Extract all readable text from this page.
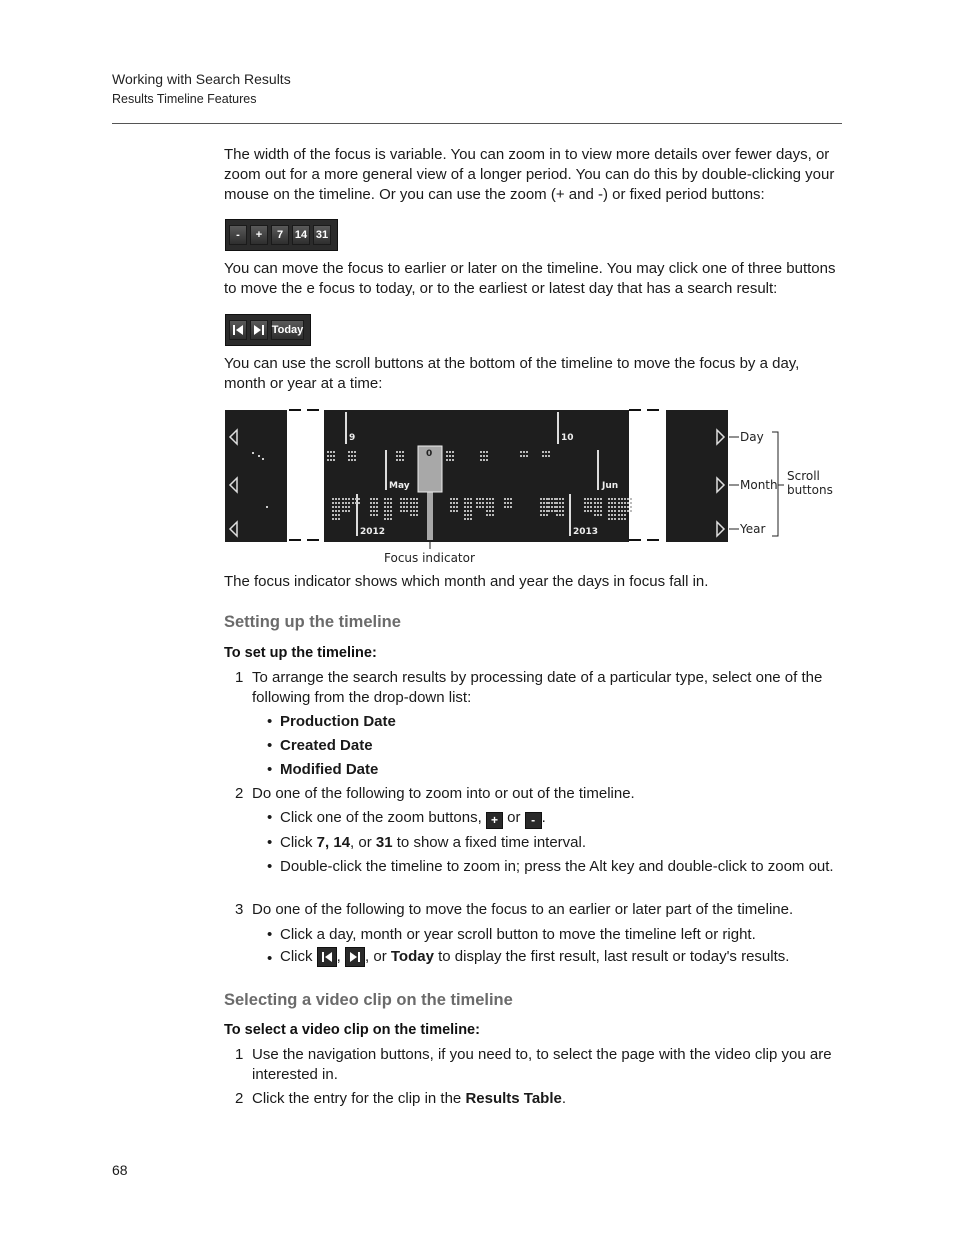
Working with Search Results
Results Timeline Features
The width of the focus is variable. You can zoom in to view more details over fewer days, or zoom out for a more general view of a longer period. You can do this by double-clicking your mouse on the timeline. Or you can use the zoom (+ and -) or fixed period buttons:
-	+	7	14 31
You can move the focus to earlier or later on the timeline. You may click one of three buttons to move the e focus to today, or to the earliest or latest day that has a search result:
Today
You can use the scroll buttons at the bottom of the timeline to move the focus by a day, month or year at a time:
9	10
0
May	Jun
2012	2013
Day
Month
Year
Scroll
buttons
Focus indicator
The focus indicator shows which month and year the days in focus fall in.
Setting up the timeline
To set up the timeline:
1 To arrange the search results by processing date of a particular type, select one of the following from the drop-down list:
• Production Date
• Created Date
• Modified Date
2 Do one of the following to zoom into or out of the timeline.
• Click one of the zoom buttons, + or - .
• Click 7, 14, or 31 to show a fixed time interval.
• Double-click the timeline to zoom in; press the Alt key and double-click to zoom out.
3 Do one of the following to move the focus to an earlier or later part of the timeline.
• Click a day, month or year scroll button to move the timeline left or right.
• Click , , or Today to display the first result, last result or today's results.
Selecting a video clip on the timeline
To select a video clip on the timeline:
1 Use the navigation buttons, if you need to, to select the page with the video clip you are interested in.
2 Click the entry for the clip in the Results Table.
68
